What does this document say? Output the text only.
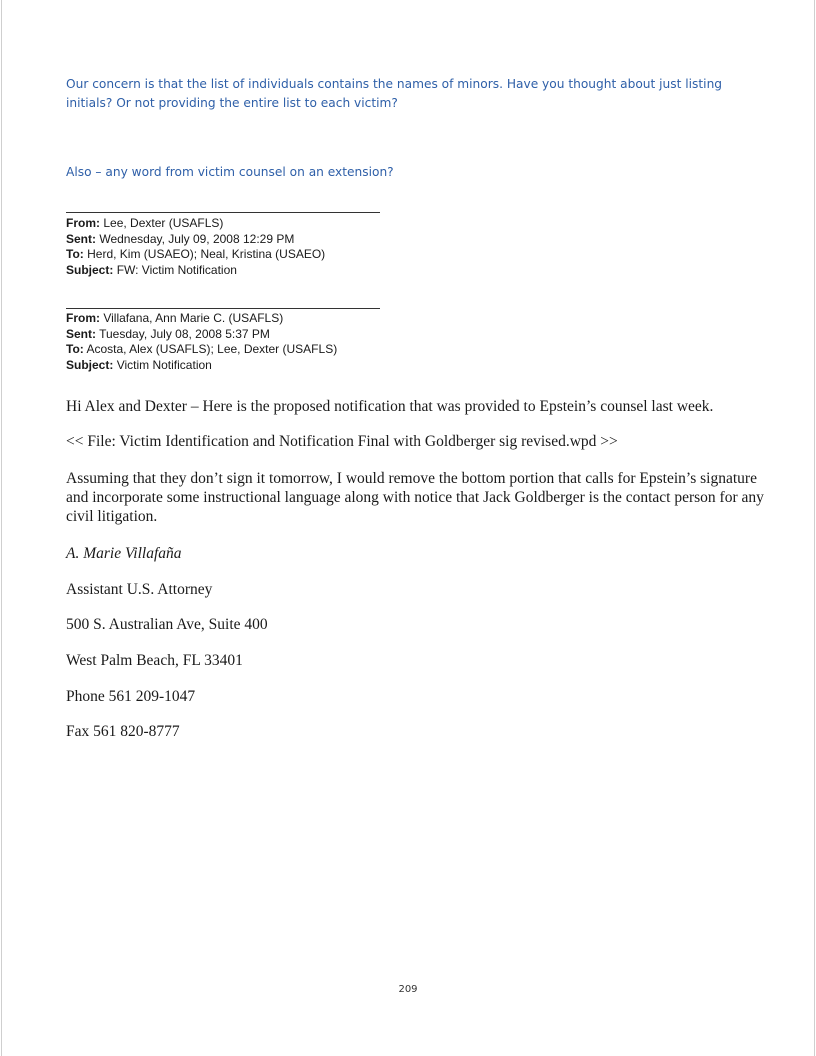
Our concern is that the list of individuals contains the names of minors. Have you thought about just listing initials? Or not providing the entire list to each victim?
Also – any word from victim counsel on an extension?
From: Lee, Dexter (USAFLS)
Sent: Wednesday, July 09, 2008 12:29 PM
To: Herd, Kim (USAEO); Neal, Kristina (USAEO)
Subject: FW: Victim Notification
From: Villafana, Ann Marie C. (USAFLS)
Sent: Tuesday, July 08, 2008 5:37 PM
To: Acosta, Alex (USAFLS); Lee, Dexter (USAFLS)
Subject: Victim Notification
Hi Alex and Dexter – Here is the proposed notification that was provided to Epstein’s counsel last week.
<< File: Victim Identification and Notification Final with Goldberger sig revised.wpd >>
Assuming that they don’t sign it tomorrow, I would remove the bottom portion that calls for Epstein’s signature and incorporate some instructional language along with notice that Jack Goldberger is the contact person for any civil litigation.
A. Marie Villafaña
Assistant U.S. Attorney
500 S. Australian Ave, Suite 400
West Palm Beach, FL 33401
Phone 561 209-1047
Fax 561 820-8777
209
